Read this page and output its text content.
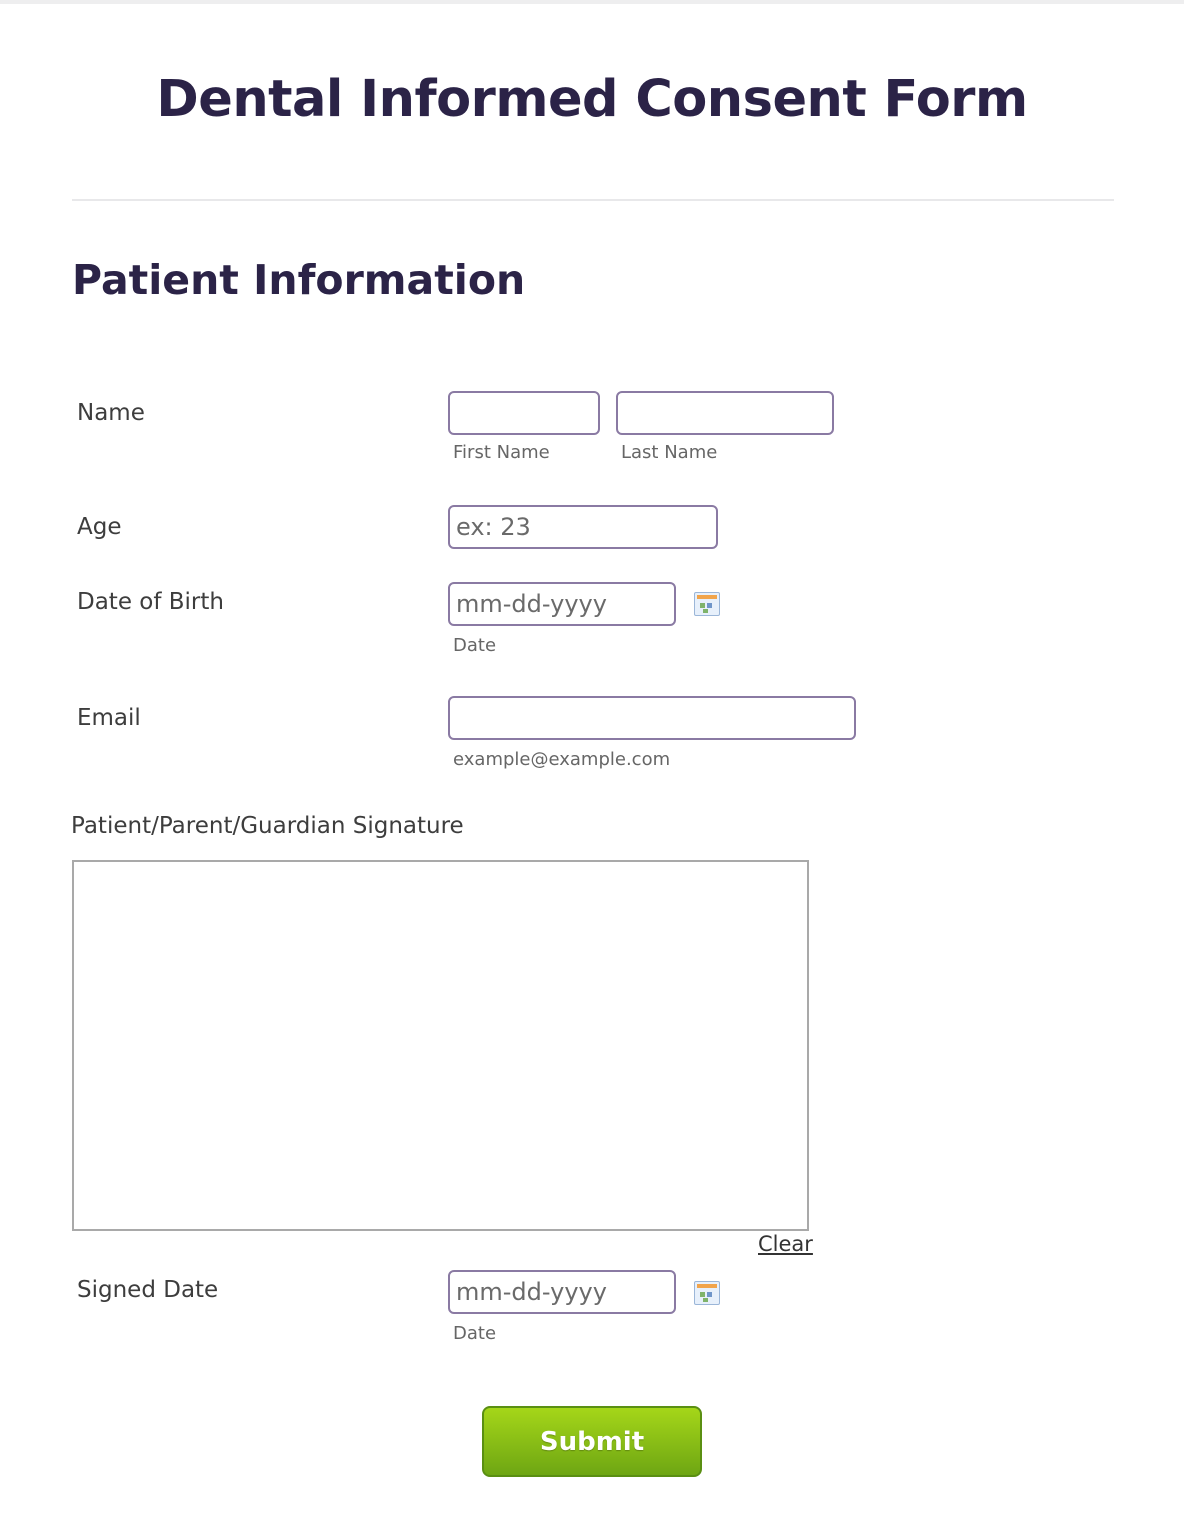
Dental Informed Consent Form
Patient Information
Name
First Name	Last Name
Age
ex: 23
Date of Birth
mm-dd-yyyy
Date
Email
example@example.com
Patient/Parent/Guardian Signature
Clear
Signed Date
mm-dd-yyyy
Date
Submit
